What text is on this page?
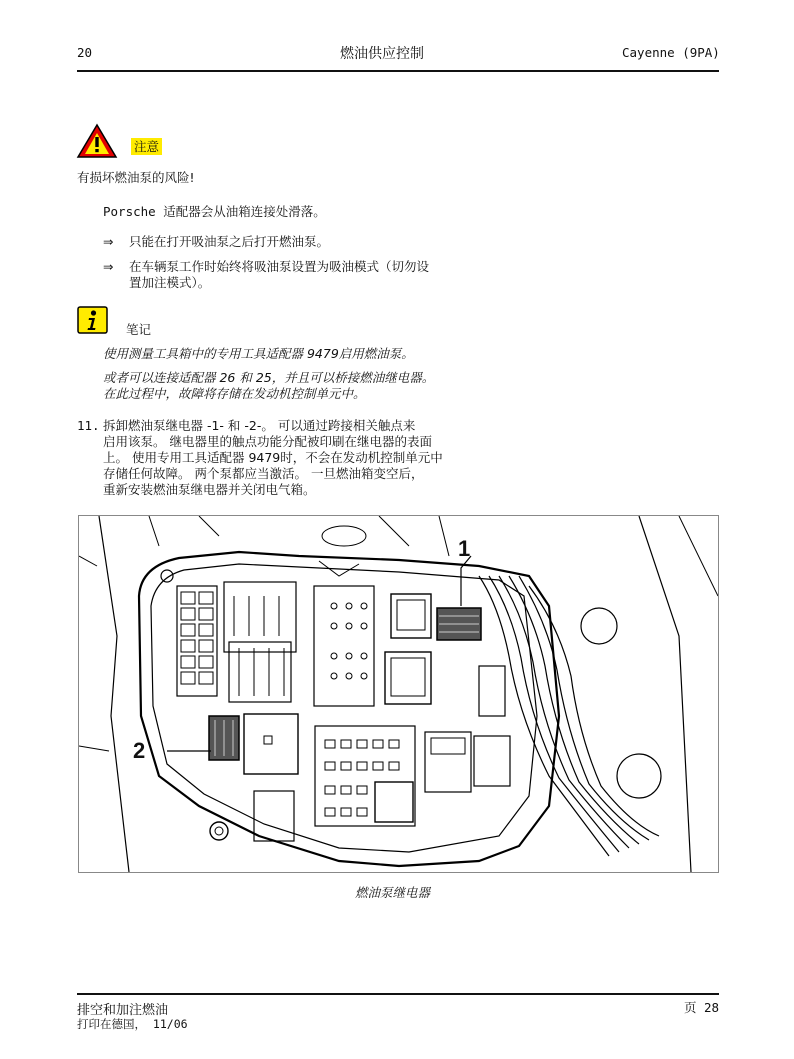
20	燃油供应控制	Cayenne (9PA)
注意
有损坏燃油泵的风险!
Porsche 适配器会从油箱连接处滑落。
⇒ 只能在打开吸油泵之后打开燃油泵。
⇒ 在车辆泵工作时始终将吸油泵设置为吸油模式（切勿设
置加注模式）。
笔记
使用测量工具箱中的专用工具适配器 9479启用燃油泵。
或者可以连接适配器 26 和 25，并且可以桥接燃油继电器。
在此过程中，故障将存储在发动机控制单元中。
11. 拆卸燃油泵继电器 -1- 和 -2-。 可以通过跨接相关触点来
启用该泵。 继电器里的触点功能分配被印刷在继电器的表面
上。 使用专用工具适配器 9479时，不会在发动机控制单元中
存储任何故障。 两个泵都应当激活。 一旦燃油箱变空后，
重新安装燃油泵继电器并关闭电气箱。
1
2
燃油泵继电器
排空和加注燃油	页 28
打印在德国， 11/06
